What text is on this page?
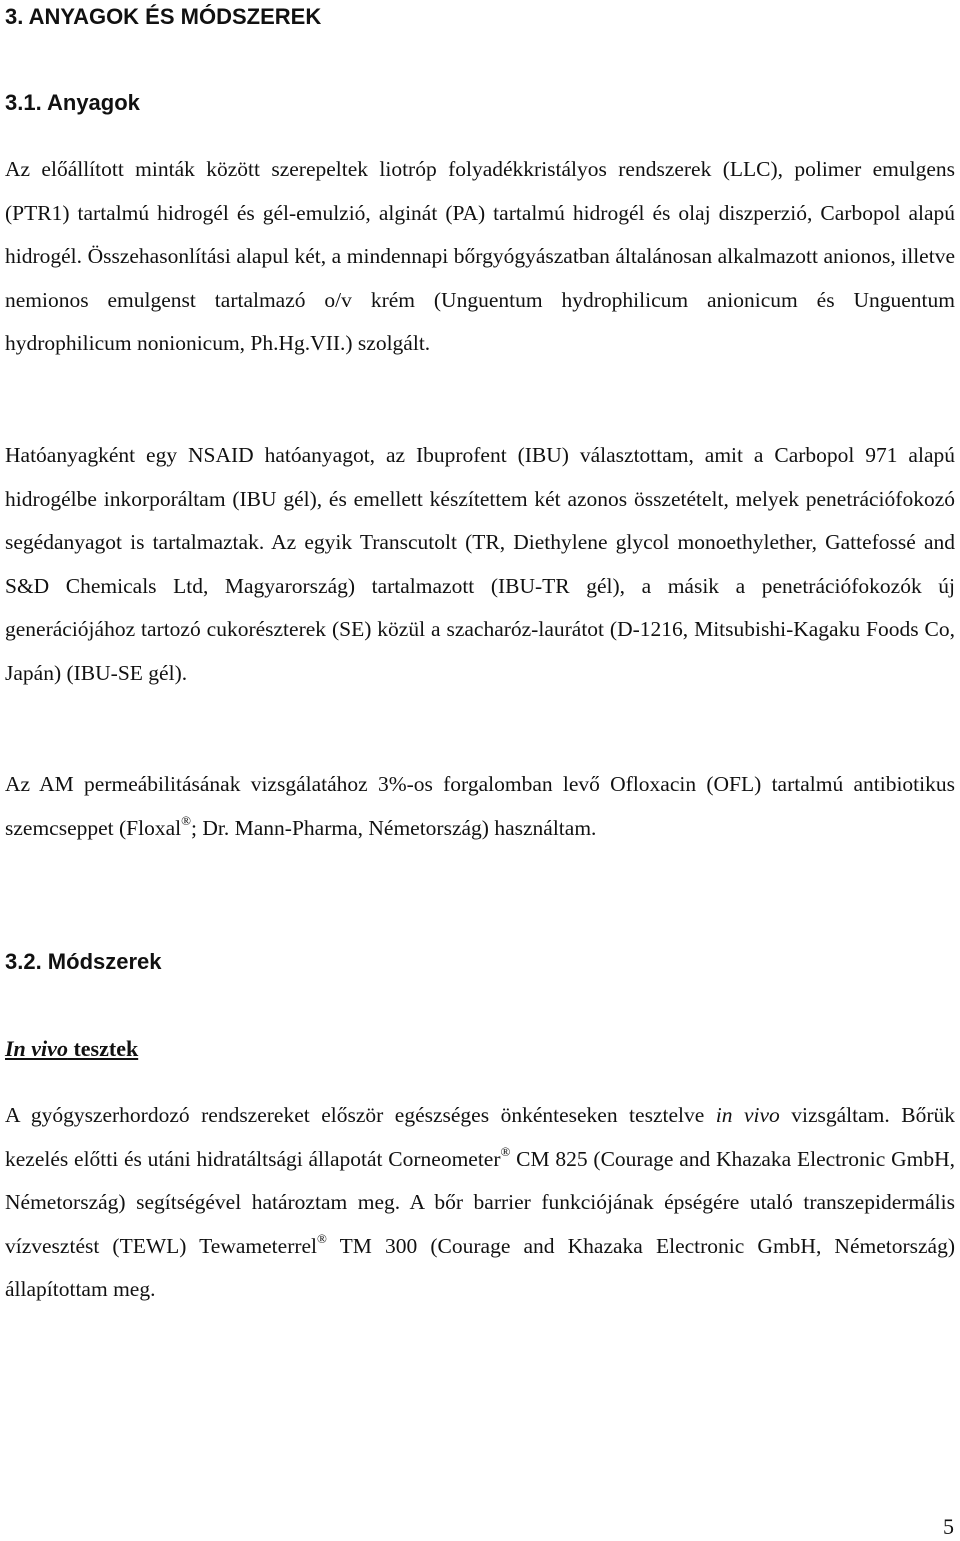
3. ANYAGOK ÉS MÓDSZEREK
3.1. Anyagok

Az előállított minták között szerepeltek liotróp folyadékkristályos rendszerek (LLC), polimer emulgens (PTR1) tartalmú hidrogél és gél-emulzió, alginát (PA) tartalmú hidrogél és olaj diszperzió, Carbopol alapú hidrogél. Összehasonlítási alapul két, a mindennapi bőrgyógyászatban általánosan alkalmazott anionos, illetve nemionos emulgenst tartalmazó o/v krém (Unguentum hydrophilicum anionicum és Unguentum hydrophilicum nonionicum, Ph.Hg.VII.) szolgált.

Hatóanyagként egy NSAID hatóanyagot, az Ibuprofent (IBU) választottam, amit a Carbopol 971 alapú hidrogélbe inkorporáltam (IBU gél), és emellett készítettem két azonos összetételt, melyek penetrációfokozó segédanyagot is tartalmaztak. Az egyik Transcutolt (TR, Diethylene glycol monoethylether, Gattefossé and S&D Chemicals Ltd, Magyarország) tartalmazott (IBU-TR gél), a másik a penetrációfokozók új generációjához tartozó cukorészterek (SE) közül a szacharóz-laurátot (D-1216, Mitsubishi-Kagaku Foods Co, Japán) (IBU-SE gél).

Az AM permeábilitásának vizsgálatához 3%-os forgalomban levő Ofloxacin (OFL) tartalmú antibiotikus szemcseppet (Floxal®; Dr. Mann-Pharma, Németország) használtam.

3.2. Módszerek
In vivo tesztek

A gyógyszerhordozó rendszereket először egészséges önkénteseken tesztelve in vivo vizsgáltam. Bőrük kezelés előtti és utáni hidratáltsági állapotát Corneometer® CM 825 (Courage and Khazaka Electronic GmbH, Németország) segítségével határoztam meg. A bőr barrier funkciójának épségére utaló transzepidermális vízvesztést (TEWL) Tewameterrel® TM 300 (Courage and Khazaka Electronic GmbH, Németország) állapítottam meg.

5
